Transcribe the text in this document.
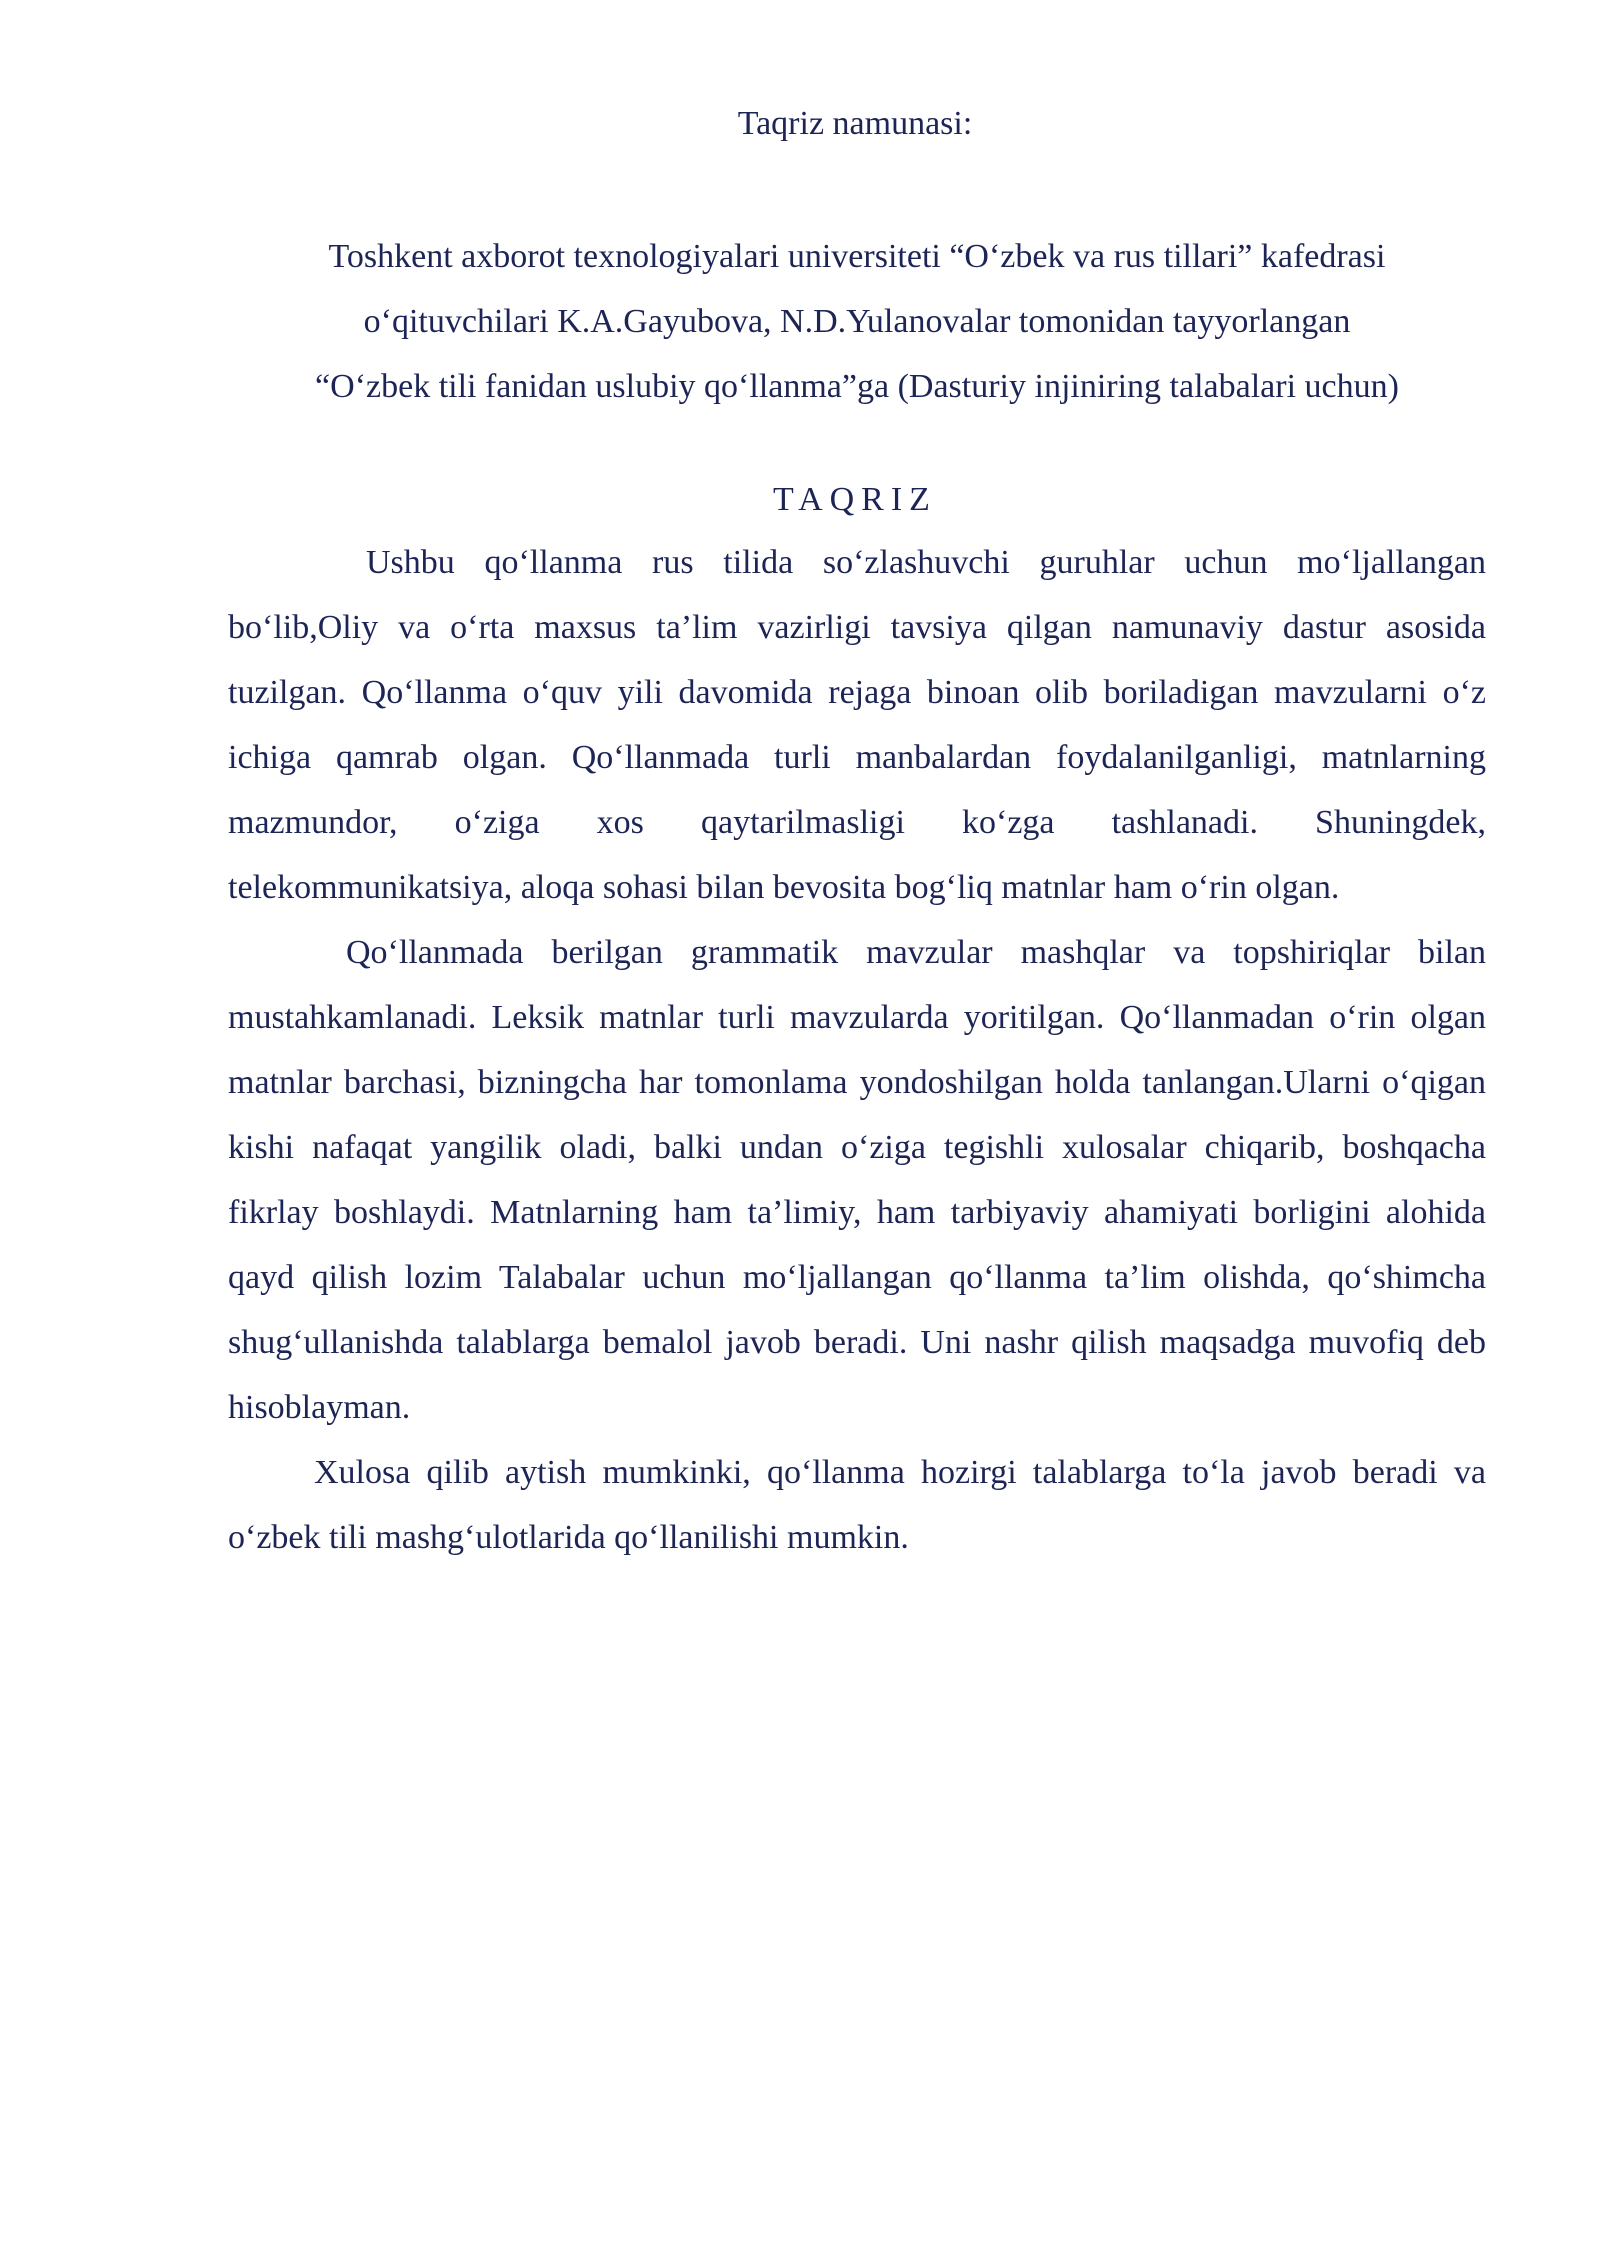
Taqriz namunasi:
Toshkent axborot texnologiyalari universiteti “O‘zbek va rus tillari” kafedrasi
o‘qituvchilari K.A.Gayubova, N.D.Yulanovalar tomonidan tayyorlangan
“O‘zbek tili fanidan uslubiy qo‘llanma”ga (Dasturiy injiniring talabalari uchun)
TAQRIZ

Ushbu qo‘llanma rus tilida so‘zlashuvchi guruhlar uchun mo‘ljallangan bo‘lib,Oliy va o‘rta maxsus ta’lim vazirligi tavsiya qilgan namunaviy dastur asosida tuzilgan. Qo‘llanma o‘quv yili davomida rejaga binoan olib boriladigan mavzularni o‘z ichiga qamrab olgan. Qo‘llanmada turli manbalardan foydalanilganligi, matnlarning mazmundor, o‘ziga xos qaytarilmasligi ko‘zga tashlanadi. Shuningdek, telekommunikatsiya, aloqa sohasi bilan bevosita bog‘liq matnlar ham o‘rin olgan.

Qo‘llanmada berilgan grammatik mavzular mashqlar va topshiriqlar bilan mustahkamlanadi. Leksik matnlar turli mavzularda yoritilgan. Qo‘llanmadan o‘rin olgan matnlar barchasi, bizningcha har tomonlama yondoshilgan holda tanlangan.Ularni o‘qigan kishi nafaqat yangilik oladi, balki undan o‘ziga tegishli xulosalar chiqarib, boshqacha fikrlay boshlaydi. Matnlarning ham ta’limiy, ham tarbiyaviy ahamiyati borligini alohida qayd qilish lozim Talabalar uchun mo‘ljallangan qo‘llanma ta’lim olishda, qo‘shimcha shug‘ullanishda talablarga bemalol javob beradi. Uni nashr qilish maqsadga muvofiq deb hisoblayman.

Xulosa qilib aytish mumkinki, qo‘llanma hozirgi talablarga to‘la javob beradi va o‘zbek tili mashg‘ulotlarida qo‘llanilishi mumkin.
